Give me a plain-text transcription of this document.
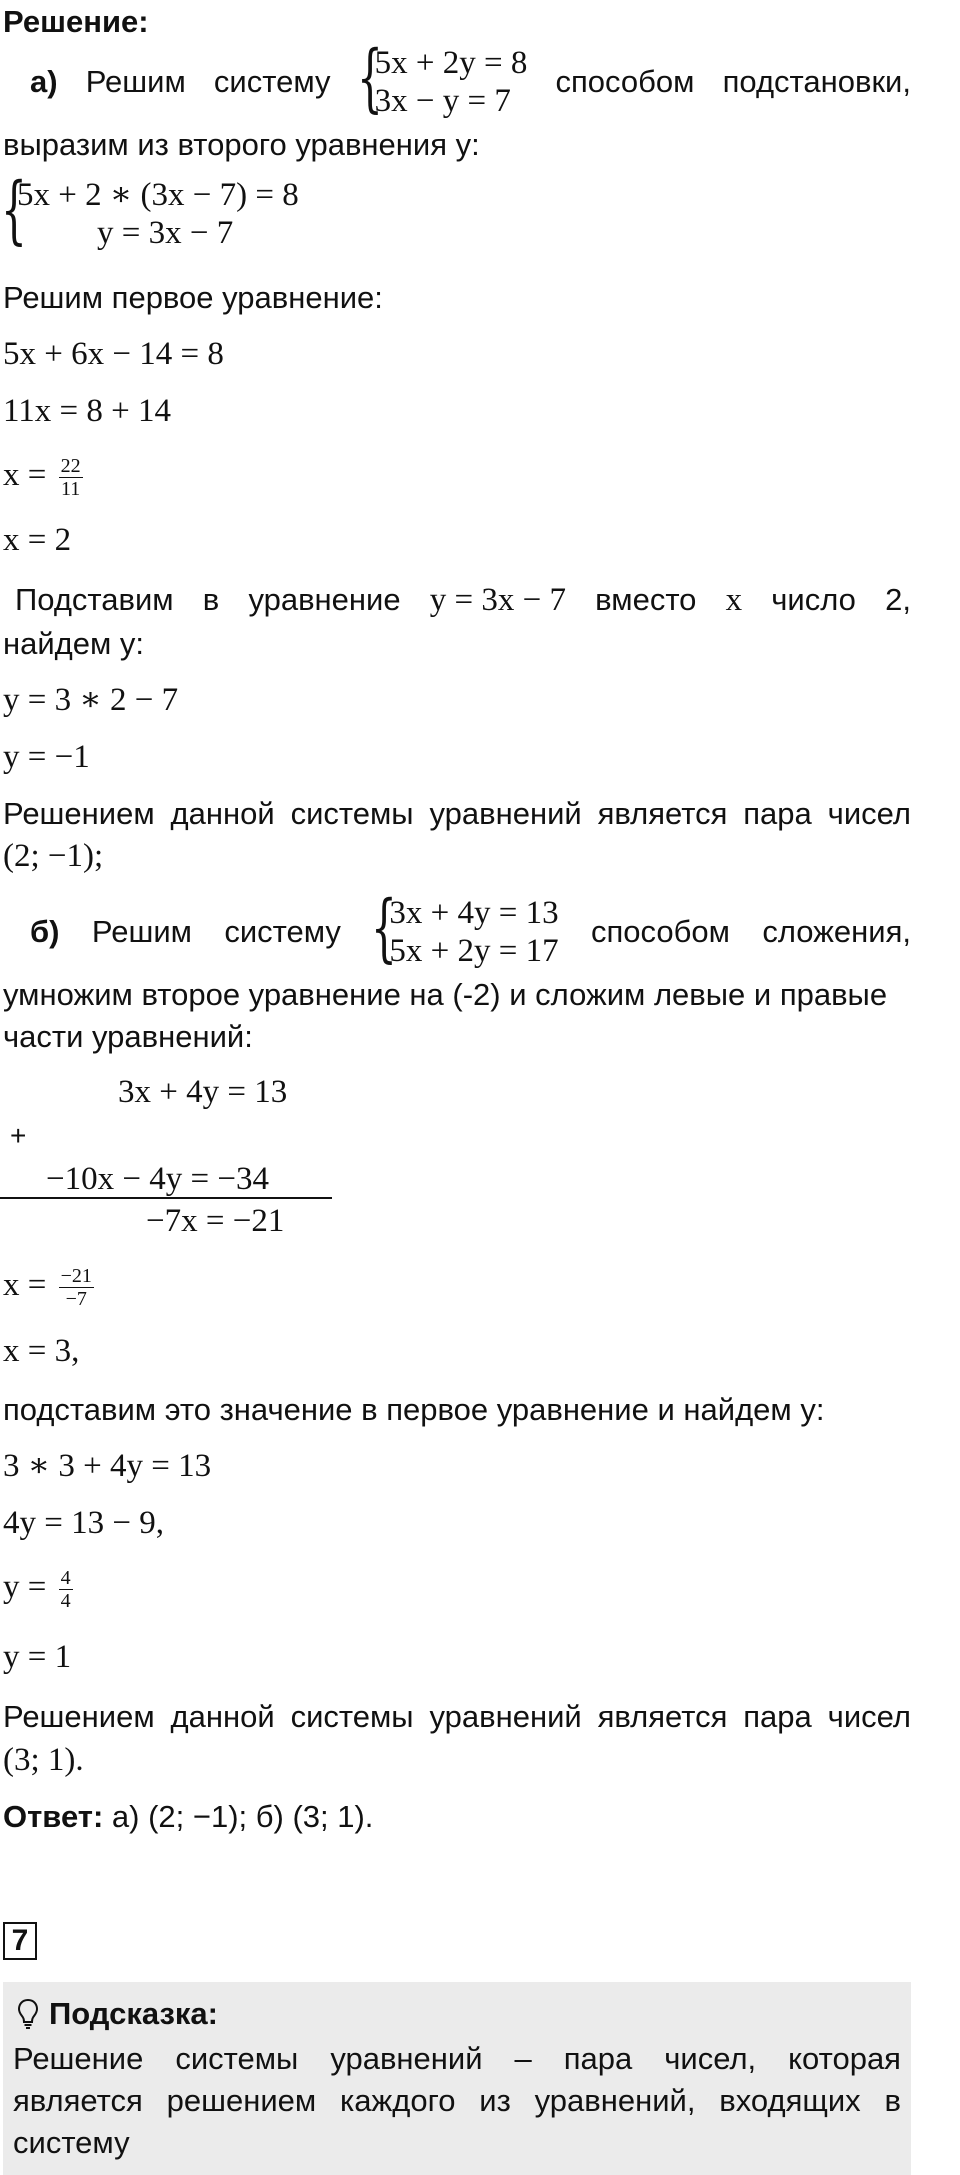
Решение:
а) Решим систему {
5x + 2y = 8
3x − y = 7
способом подстановки,
выразим из второго уравнения y:
{
5x + 2 ∗ (3x − 7) = 8
y = 3x − 7
Решим первое уравнение:
5x + 6x − 14 = 8
11x = 8 + 14
$x = \frac{22}{11}$
x = 2
Подставим в уравнение y = 3x − 7 вместо x число 2,
найдем y:
y = 3 ∗ 2 − 7
y = −1
Решением данной системы уравнений является пара чисел
(2; −1);
б) Решим систему {
3x + 4y = 13
5x + 2y = 17
способом сложения,
умножим второе уравнение на (-2) и сложим левые и правые
части уравнений:
3x + 4y = 13
+
−10x − 4y = −34
−7x = −21
$x = \frac{-21}{-7}$
x = 3,
подставим это значение в первое уравнение и найдем y:
3 ∗ 3 + 4y = 13
4y = 13 − 9,
$y = \frac{4}{4}$
y = 1
Решением данной системы уравнений является пара чисел
(3; 1).
Ответ: а) (2; −1); б) (3; 1).
7
Подсказка:
Решение системы уравнений – пара чисел, которая
является решением каждого из уравнений, входящих в
систему
